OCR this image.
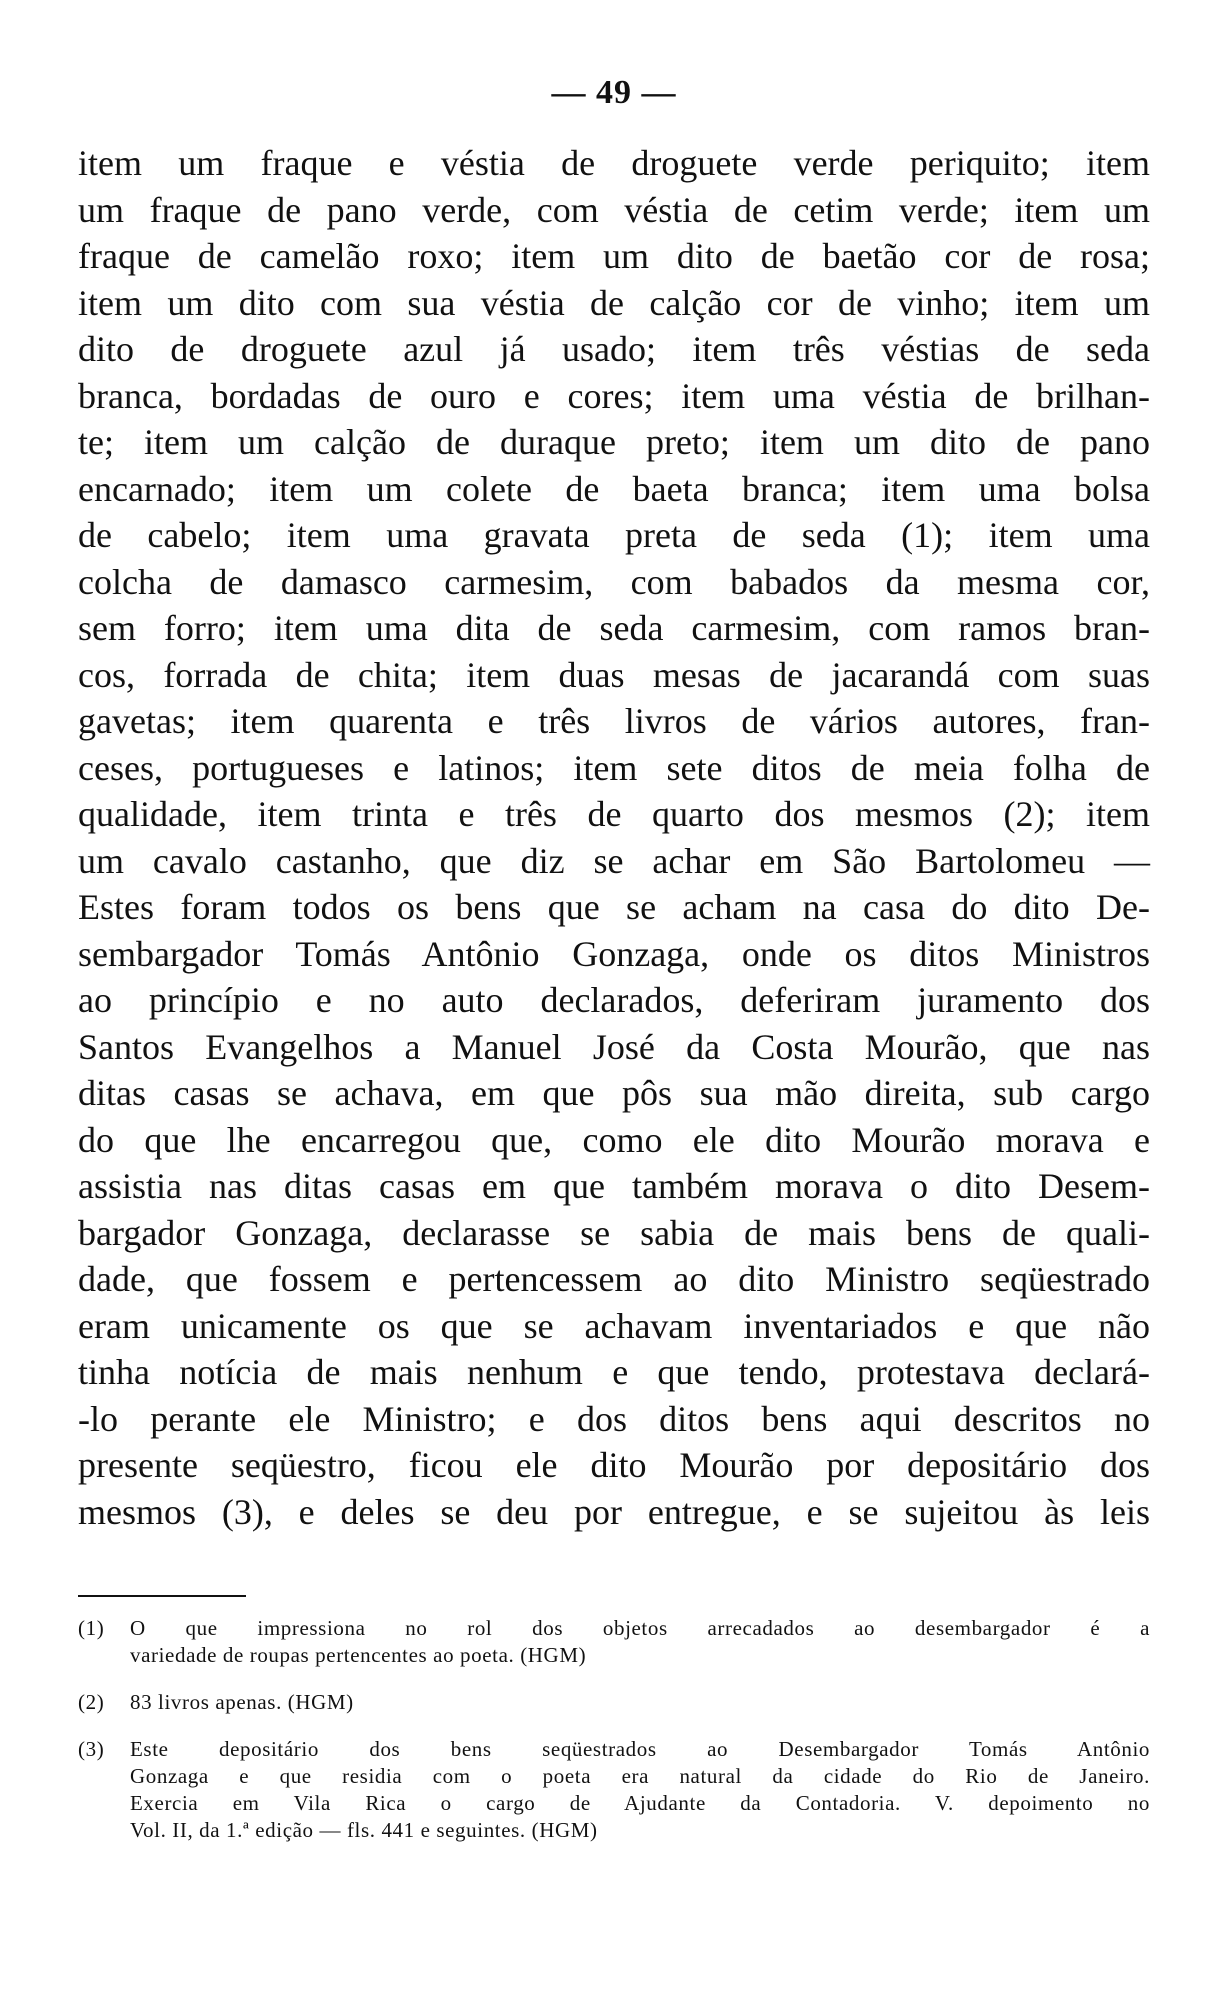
— 49 —

item um fraque e véstia de droguete verde periquito; item
um fraque de pano verde, com véstia de cetim verde; item um
fraque de camelão roxo; item um dito de baetão cor de rosa;
item um dito com sua véstia de calção cor de vinho; item um
dito de droguete azul já usado; item três véstias de seda
branca, bordadas de ouro e cores; item uma véstia de brilhan-
te; item um calção de duraque preto; item um dito de pano
encarnado; item um colete de baeta branca; item uma bolsa
de cabelo; item uma gravata preta de seda (1); item uma
colcha de damasco carmesim, com babados da mesma cor,
sem forro; item uma dita de seda carmesim, com ramos bran-
cos, forrada de chita; item duas mesas de jacarandá com suas
gavetas; item quarenta e três livros de vários autores, fran-
ceses, portugueses e latinos; item sete ditos de meia folha de
qualidade, item trinta e três de quarto dos mesmos (2); item
um cavalo castanho, que diz se achar em São Bartolomeu —
Estes foram todos os bens que se acham na casa do dito De-
sembargador Tomás Antônio Gonzaga, onde os ditos Ministros
ao princípio e no auto declarados, deferiram juramento dos
Santos Evangelhos a Manuel José da Costa Mourão, que nas
ditas casas se achava, em que pôs sua mão direita, sub cargo
do que lhe encarregou que, como ele dito Mourão morava e
assistia nas ditas casas em que também morava o dito Desem-
bargador Gonzaga, declarasse se sabia de mais bens de quali-
dade, que fossem e pertencessem ao dito Ministro seqüestrado
eram unicamente os que se achavam inventariados e que não
tinha notícia de mais nenhum e que tendo, protestava declará-
-lo perante ele Ministro; e dos ditos bens aqui descritos no
presente seqüestro, ficou ele dito Mourão por depositário dos
mesmos (3), e deles se deu por entregue, e se sujeitou às leis

(1)	O que impressiona no rol dos objetos arrecadados ao desembargador é a
variedade de roupas pertencentes ao poeta. (HGM)
(2)	83 livros apenas. (HGM)
(3)	Este depositário dos bens seqüestrados ao Desembargador Tomás Antônio
Gonzaga e que residia com o poeta era natural da cidade do Rio de Janeiro.
Exercia em Vila Rica o cargo de Ajudante da Contadoria. V. depoimento no
Vol. II, da 1.ª edição — fls. 441 e seguintes. (HGM)
